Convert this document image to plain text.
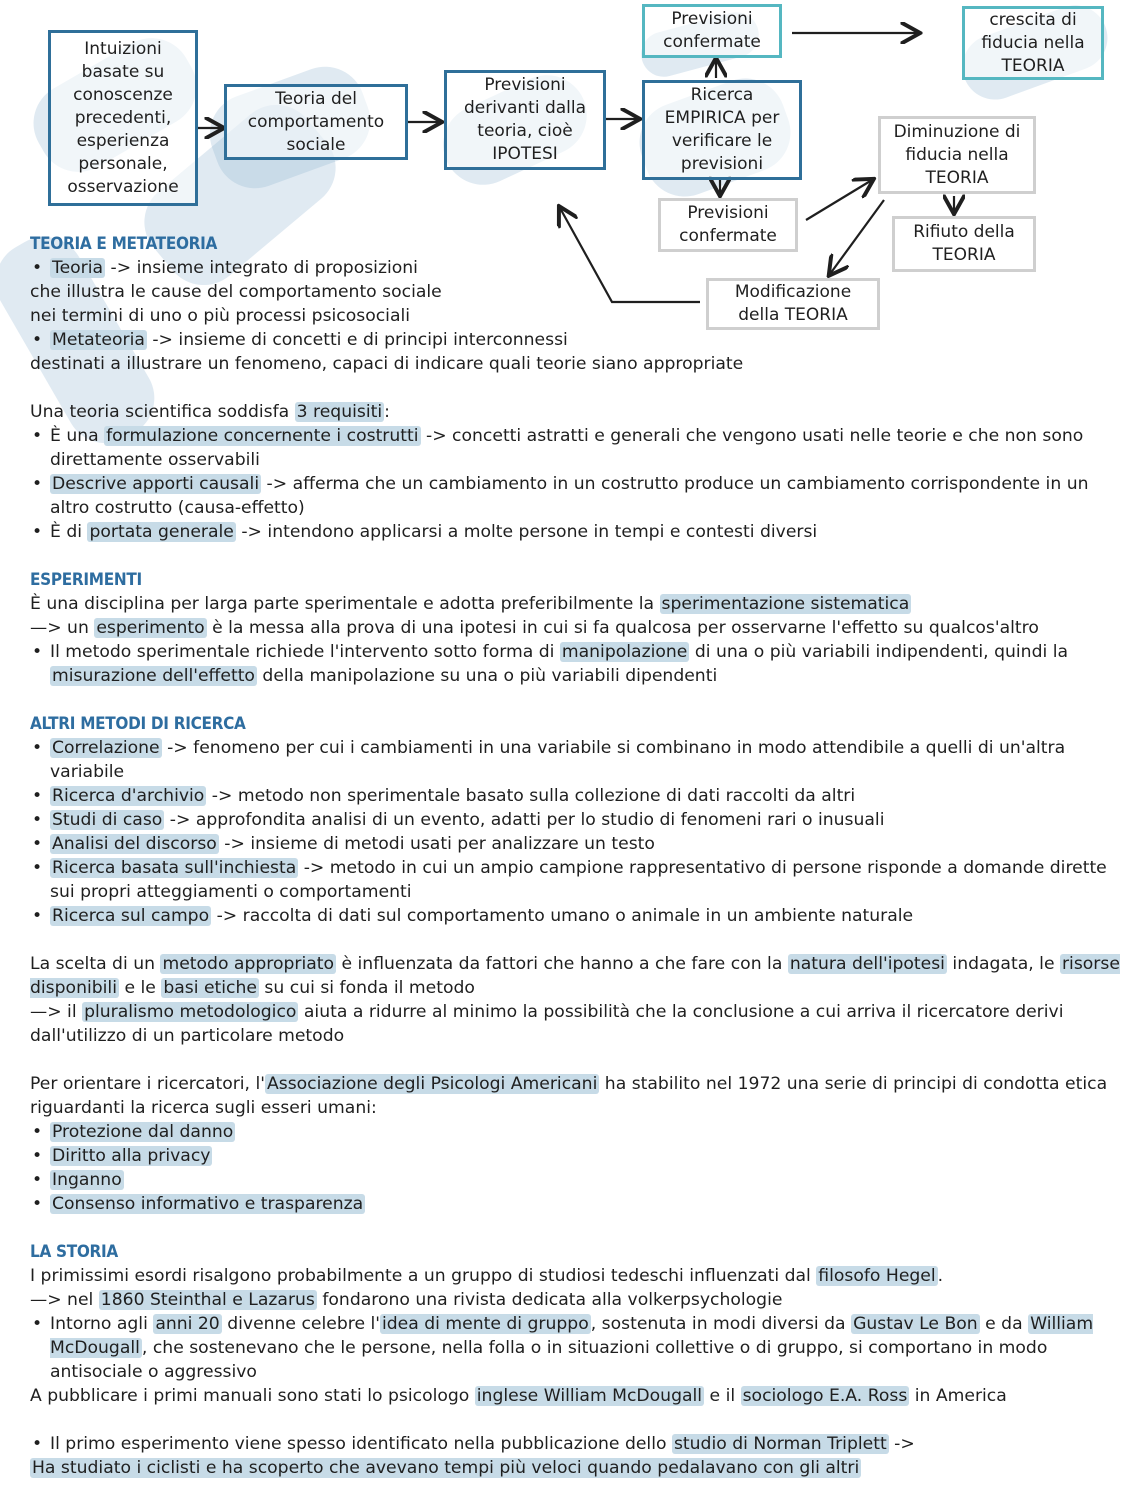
Intuizioni basate su conoscenze precedenti, esperienza personale, osservazione
Teoria del comportamento sociale
Previsioni derivanti dalla teoria, cioè IPOTESI
Ricerca EMPIRICA per verificare le previsioni
Previsioni confermate
crescita di fiducia nella TEORIA
Diminuzione di fiducia nella TEORIA
Previsioni confermate	Rifiuto della TEORIA
Modificazione della TEORIA

TEORIA E METATEORIA

• Teoria -> insieme integrato di proposizioni

che illustra le cause del comportamento sociale

nei termini di uno o più processi psicosociali

• Metateoria -> insieme di concetti e di principi interconnessi

destinati a illustrare un fenomeno, capaci di indicare quali teorie siano appropriate

Una teoria scientifica soddisfa 3 requisiti :

• È una formulazione concernente i costrutti -> concetti astratti e generali che vengono usati nelle teorie e che non sono direttamente osservabili
• Descrive apporti causali -> afferma che un cambiamento in un costrutto produce un cambiamento corrispondente in un altro costrutto (causa-effetto)
• È di portata generale -> intendono applicarsi a molte persone in tempi e contesti diversi

ESPERIMENTI

È una disciplina per larga parte sperimentale e adotta preferibilmente la sperimentazione sistematica

—> un esperimento è la messa alla prova di una ipotesi in cui si fa qualcosa per osservarne l'effetto su qualcos'altro

• Il metodo sperimentale richiede l'intervento sotto forma di manipolazione di una o più variabili indipendenti, quindi la misurazione dell'effetto della manipolazione su una o più variabili dipendenti

ALTRI METODI DI RICERCA

• Correlazione -> fenomeno per cui i cambiamenti in una variabile si combinano in modo attendibile a quelli di un'altra variabile
• Ricerca d'archivio -> metodo non sperimentale basato sulla collezione di dati raccolti da altri
• Studi di caso -> approfondita analisi di un evento, adatti per lo studio di fenomeni rari o inusuali
• Analisi del discorso -> insieme di metodi usati per analizzare un testo
• Ricerca basata sull'inchiesta -> metodo in cui un ampio campione rappresentativo di persone risponde a domande dirette sui propri atteggiamenti o comportamenti
• Ricerca sul campo -> raccolta di dati sul comportamento umano o animale in un ambiente naturale

La scelta di un metodo appropriato è influenzata da fattori che hanno a che fare con la natura dell'ipotesi indagata, le risorse disponibili e le basi etiche su cui si fonda il metodo

—> il pluralismo metodologico aiuta a ridurre al minimo la possibilità che la conclusione a cui arriva il ricercatore derivi dall'utilizzo di un particolare metodo

Per orientare i ricercatori, l' Associazione degli Psicologi Americani ha stabilito nel 1972 una serie di principi di condotta etica riguardanti la ricerca sugli esseri umani:

• Protezione dal danno
• Diritto alla privacy
• Inganno
• Consenso informativo e trasparenza

LA STORIA

I primissimi esordi risalgono probabilmente a un gruppo di studiosi tedeschi influenzati dal filosofo Hegel .

—> nel 1860 Steinthal e Lazarus fondarono una rivista dedicata alla volkerpsychologie

• Intorno agli anni 20 divenne celebre l' idea di mente di gruppo , sostenuta in modi diversi da Gustav Le Bon e da William McDougall , che sostenevano che le persone, nella folla o in situazioni collettive o di gruppo, si comportano in modo antisociale o aggressivo

A pubblicare i primi manuali sono stati lo psicologo inglese William McDougall e il sociologo E.A. Ross in America

• Il primo esperimento viene spesso identificato nella pubblicazione dello studio di Norman Triplett ->

Ha studiato i ciclisti e ha scoperto che avevano tempi più veloci quando pedalavano con gli altri
